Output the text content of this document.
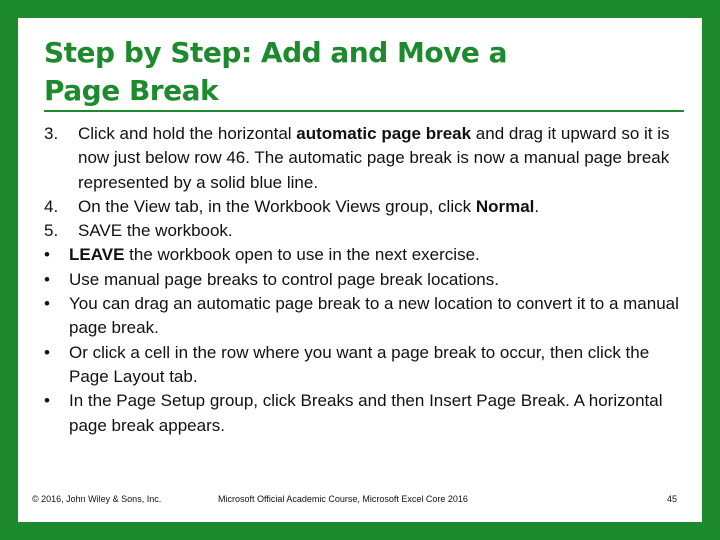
Step by Step: Add and Move a
Page Break
3.	Click and hold the horizontal automatic page break and drag it upward so it is now just below row 46. The automatic page break is now a manual page break represented by a solid blue line.
4.	On the View tab, in the Workbook Views group, click Normal.
5.	SAVE the workbook.
•	LEAVE the workbook open to use in the next exercise.
•	Use manual page breaks to control page break locations.
•	You can drag an automatic page break to a new location to convert it to a manual page break.
•	Or click a cell in the row where you want a page break to occur, then click the Page Layout tab.
•	In the Page Setup group, click Breaks and then Insert Page Break. A horizontal page break appears.
© 2016, John Wiley & Sons, Inc.	Microsoft Official Academic Course, Microsoft Excel Core 2016	45
